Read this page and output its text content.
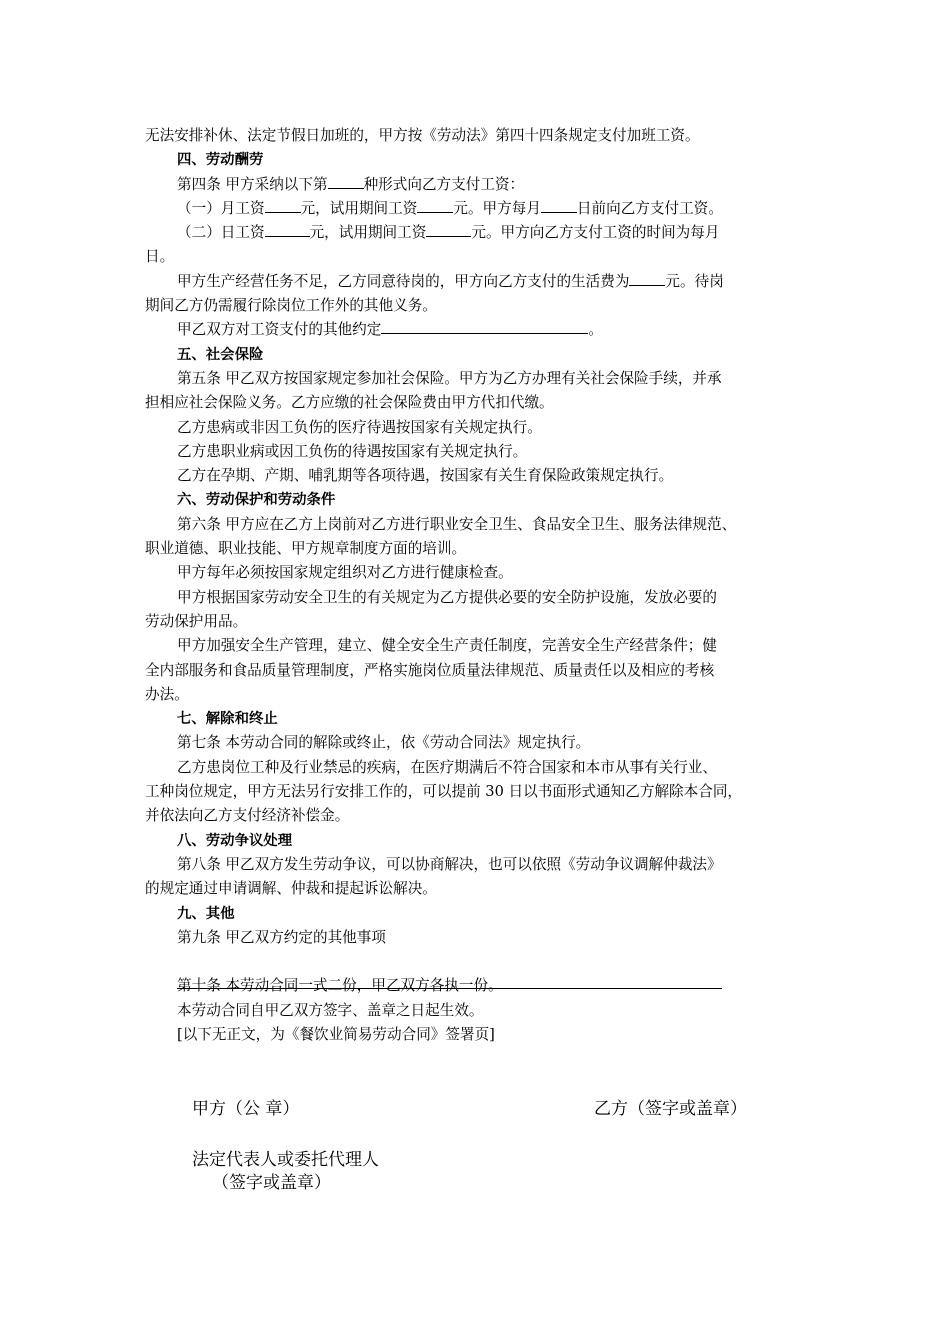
无法安排补休、法定节假日加班的，甲方按《劳动法》第四十四条规定支付加班工资。

四、劳动酬劳

第四条 甲方采纳以下第 种形式向乙方支付工资：

（一）月工资 元，试用期间工资 元。甲方每月 日前向乙方支付工资。

（二）日工资	元，试用期间工资	元。甲方向乙方支付工资的时间为每月

日。

甲方生产经营任务不足，乙方同意待岗的，甲方向乙方支付的生活费为 元。待岗

期间乙方仍需履行除岗位工作外的其他义务。

甲乙双方对工资支付的其他约定	。

五、社会保险

第五条 甲乙双方按国家规定参加社会保险。甲方为乙方办理有关社会保险手续，并承

担相应社会保险义务。乙方应缴的社会保险费由甲方代扣代缴。

乙方患病或非因工负伤的医疗待遇按国家有关规定执行。

乙方患职业病或因工负伤的待遇按国家有关规定执行。

乙方在孕期、产期、哺乳期等各项待遇，按国家有关生育保险政策规定执行。

六、劳动保护和劳动条件

第六条 甲方应在乙方上岗前对乙方进行职业安全卫生、食品安全卫生、服务法律规范、

职业道德、职业技能、甲方规章制度方面的培训。

甲方每年必须按国家规定组织对乙方进行健康检查。

甲方根据国家劳动安全卫生的有关规定为乙方提供必要的安全防护设施，发放必要的

劳动保护用品。

甲方加强安全生产管理，建立、健全安全生产责任制度，完善安全生产经营条件；健

全内部服务和食品质量管理制度，严格实施岗位质量法律规范、质量责任以及相应的考核

办法。

七、解除和终止

第七条 本劳动合同的解除或终止，依《劳动合同法》规定执行。

乙方患岗位工种及行业禁忌的疾病，在医疗期满后不符合国家和本市从事有关行业、

工种岗位规定，甲方无法另行安排工作的，可以提前 30 日以书面形式通知乙方解除本合同，

并依法向乙方支付经济补偿金。

八、劳动争议处理

第八条 甲乙双方发生劳动争议，可以协商解决，也可以依照《劳动争议调解仲裁法》

的规定通过申请调解、仲裁和提起诉讼解决。

九、其他

第九条 甲乙双方约定的其他事项

第十条 本劳动合同一式二份，甲乙双方各执一份。

本劳动合同自甲乙双方签字、盖章之日起生效。

[以下无正文，为《餐饮业简易劳动合同》签署页]

甲方（公 章）	乙方（签字或盖章）
法定代表人或委托代理人
（签字或盖章）
